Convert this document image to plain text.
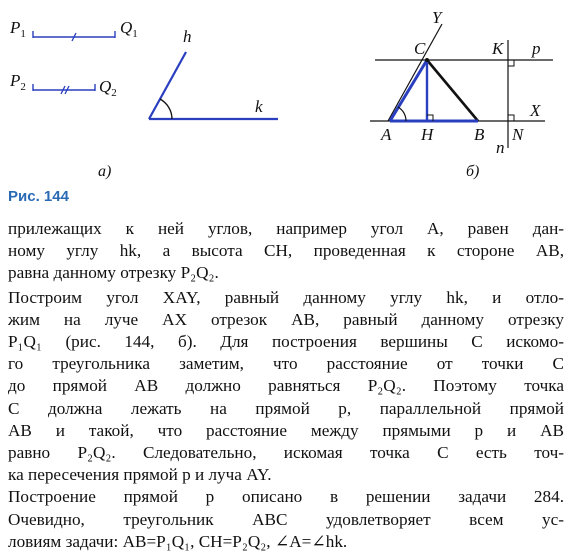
$P_1$	$Q_1$
$P_2$	$Q_2$
h
k
а)
Y
C	K p
X
A H B N
n
б)
Рис. 144

прилежащих к ней углов, например угол A, равен дан-
ному углу hk, а высота CH, проведенная к стороне AB,
равна данному отрезку P₂Q₂.

Построим угол XAY, равный данному углу hk, и отло-
жим на луче AX отрезок AB, равный данному отрезку
P₁Q₁ (рис. 144, б). Для построения вершины C искомо-
го треугольника заметим, что расстояние от точки C
до прямой AB должно равняться P₂Q₂. Поэтому точка
C должна лежать на прямой p, параллельной прямой
AB и такой, что расстояние между прямыми p и AB
равно P₂Q₂. Следовательно, искомая точка C есть точ-
ка пересечения прямой p и луча AY.

Построение прямой p описано в решении задачи 284.
Очевидно, треугольник ABC удовлетворяет всем ус-
ловиям задачи: AB=P₁Q₁, CH=P₂Q₂, ∠A=∠hk.
